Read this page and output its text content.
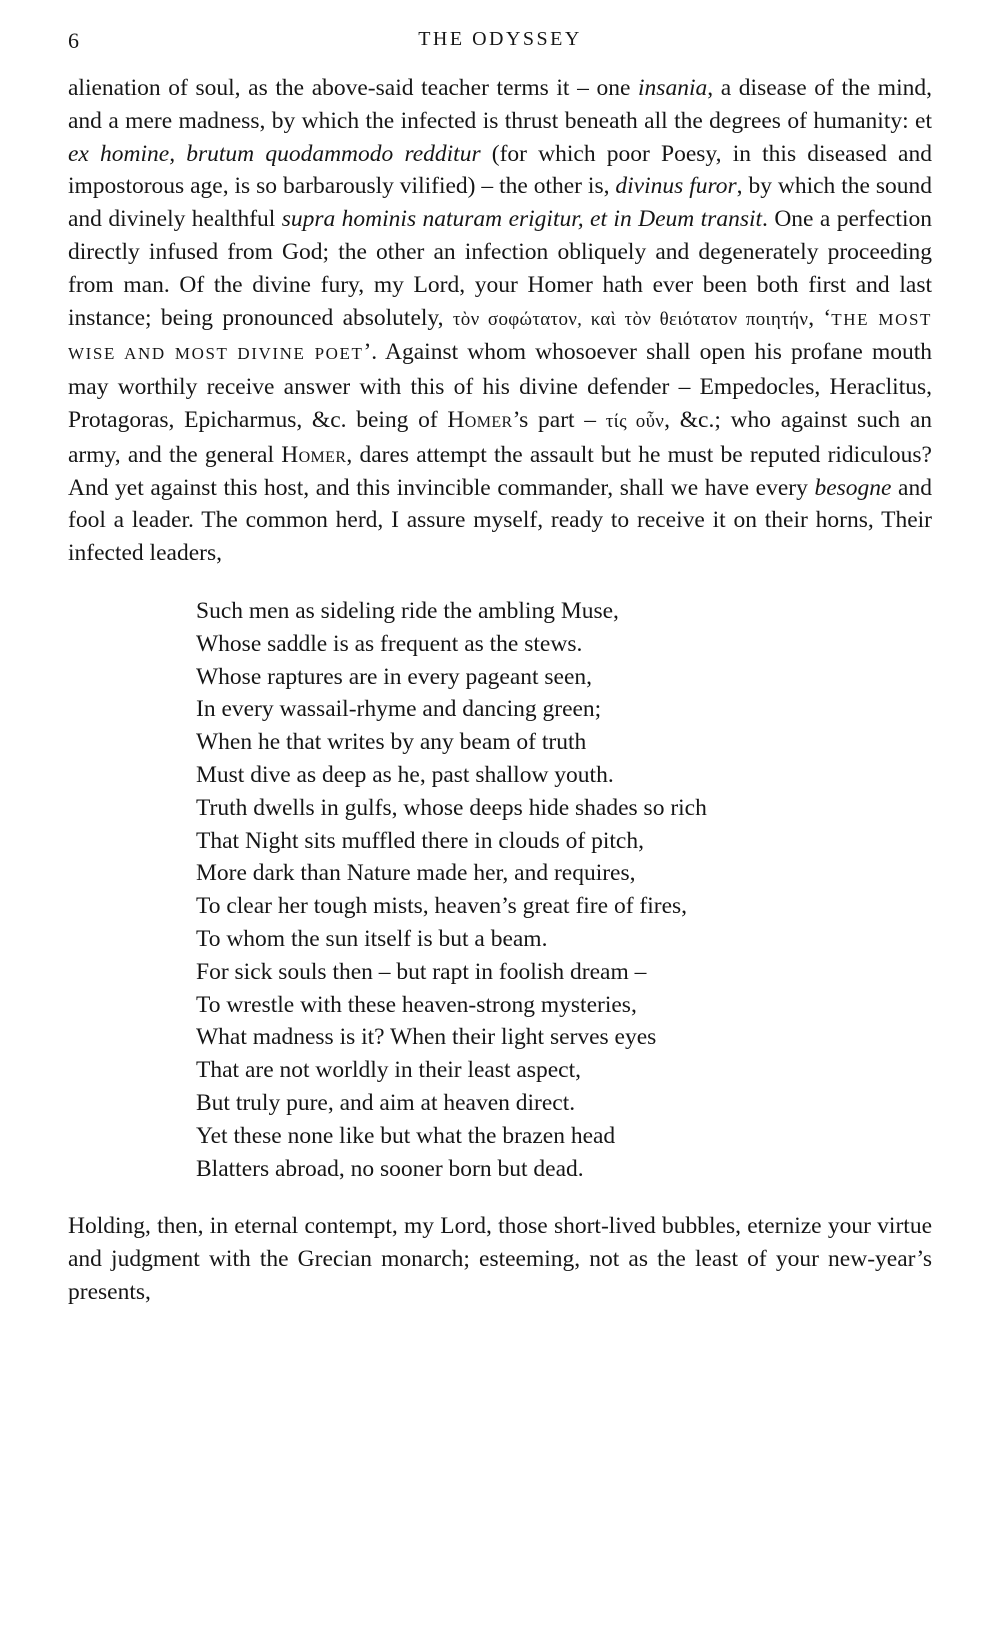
6	THE ODYSSEY

alienation of soul, as the above-said teacher terms it – one insania, a disease of the mind, and a mere madness, by which the infected is thrust beneath all the degrees of humanity: et ex homine, brutum quodammodo redditur (for which poor Poesy, in this diseased and impostorous age, is so barbarously vilified) – the other is, divinus furor, by which the sound and divinely healthful supra hominis naturam erigitur, et in Deum transit. One a perfection directly infused from God; the other an infection obliquely and degenerately proceeding from man. Of the divine fury, my Lord, your Homer hath ever been both first and last instance; being pronounced absolutely, τὸν σοφώτατον, καὶ τὸν θειότατον ποιητήν, ‘THE MOST WISE AND MOST DIVINE POET’. Against whom whosoever shall open his profane mouth may worthily receive answer with this of his divine defender – Empedocles, Heraclitus, Protagoras, Epicharmus, &c. being of Homer’s part – τίς οὖν, &c.; who against such an army, and the general Homer, dares attempt the assault but he must be reputed ridiculous? And yet against this host, and this invincible commander, shall we have every besogne and fool a leader. The common herd, I assure myself, ready to receive it on their horns, Their infected leaders,

Such men as sideling ride the ambling Muse,
Whose saddle is as frequent as the stews.
Whose raptures are in every pageant seen,
In every wassail-rhyme and dancing green;
When he that writes by any beam of truth
Must dive as deep as he, past shallow youth.
Truth dwells in gulfs, whose deeps hide shades so rich
That Night sits muffled there in clouds of pitch,
More dark than Nature made her, and requires,
To clear her tough mists, heaven’s great fire of fires,
To whom the sun itself is but a beam.
For sick souls then – but rapt in foolish dream –
To wrestle with these heaven-strong mysteries,
What madness is it? When their light serves eyes
That are not worldly in their least aspect,
But truly pure, and aim at heaven direct.
Yet these none like but what the brazen head
Blatters abroad, no sooner born but dead.

Holding, then, in eternal contempt, my Lord, those short-lived bubbles, eternize your virtue and judgment with the Grecian monarch; esteeming, not as the least of your new-year’s presents,
